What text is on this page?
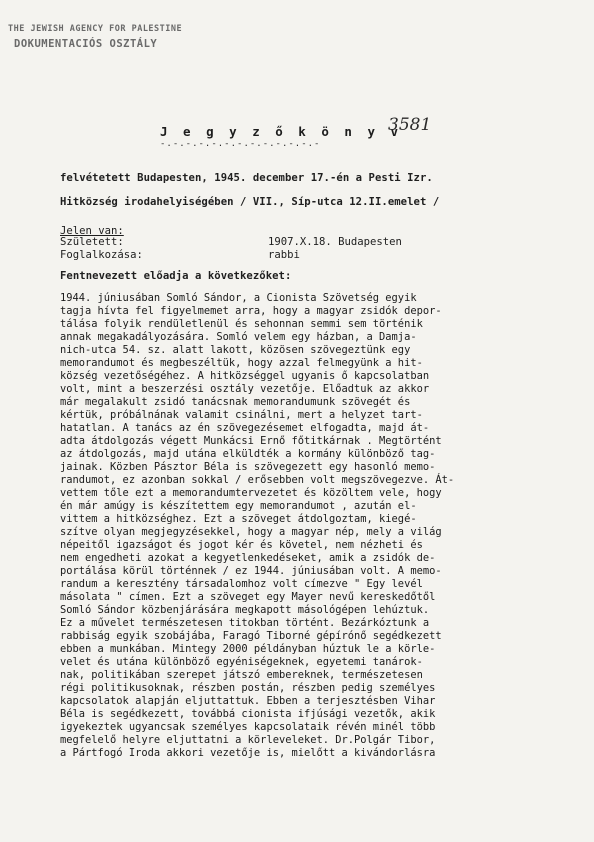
THE JEWISH AGENCY FOR PALESTINE
DOKUMENTACIÓS OSZTÁLY
J e g y z ő k ö n y v
3581
-.-.-.-.-.-.-.-.-.-.-.-.-
felvétetett Budapesten, 1945. december 17.-én a Pesti Izr.
Hitközség irodahelyiségében / VII., Síp-utca 12.II.emelet /
Jelen van:
Született:	1907.X.18. Budapesten
Foglalkozása:	rabbi
Fentnevezett előadja a következőket:
1944. júniusában Somló Sándor, a Cionista Szövetség egyik
tagja hívta fel figyelmemet arra, hogy a magyar zsidók depor-
tálása folyik rendületlenül és sehonnan semmi sem történik
annak megakadályozására. Somló velem egy házban, a Damja-
nich-utca 54. sz. alatt lakott, közösen szövegeztünk egy
memorandumot és megbeszéltük, hogy azzal felmegyünk a hit-
község vezetőségéhez. A hitközséggel ugyanis ő kapcsolatban
volt, mint a beszerzési osztály vezetője. Előadtuk az akkor
már megalakult zsidó tanácsnak memorandumunk szövegét és
kértük, próbálnának valamit csinálni, mert a helyzet tart-
hatatlan. A tanács az én szövegezésemet elfogadta, majd át-
adta átdolgozás végett Munkácsi Ernő főtitkárnak . Megtörtént
az átdolgozás, majd utána elküldték a kormány különböző tag-
jainak. Közben Pásztor Béla is szövegezett egy hasonló memo-
randumot, ez azonban sokkal / erősebben volt megszövegezve. Át-
vettem tőle ezt a memorandumtervezetet és közöltem vele, hogy
én már amúgy is készítettem egy memorandumot , azután el-
vittem a hitközséghez. Ezt a szöveget átdolgoztam, kiegé-
szítve olyan megjegyzésekkel, hogy a magyar nép, mely a világ
népeitől igazságot és jogot kér és követel, nem nézheti és
nem engedheti azokat a kegyetlenkedéseket, amik a zsidók de-
portálása körül történnek / ez 1944. júniusában volt. A memo-
randum a keresztény társadalomhoz volt címezve " Egy levél
másolata " címen. Ezt a szöveget egy Mayer nevű kereskedőtől
Somló Sándor közbenjárására megkapott másológépen lehúztuk.
Ez a művelet természetesen titokban történt. Bezárkóztunk a
rabbiság egyik szobájába, Faragó Tiborné gépírónő segédkezett
ebben a munkában. Mintegy 2000 példányban húztuk le a körle-
velet és utána különböző egyéniségeknek, egyetemi tanárok-
nak, politikában szerepet játszó embereknek, természetesen
régi politikusoknak, részben postán, részben pedig személyes
kapcsolatok alapján eljuttattuk. Ebben a terjesztésben Vihar
Béla is segédkezett, továbbá cionista ifjúsági vezetők, akik
igyekeztek ugyancsak személyes kapcsolataik révén minél több
megfelelő helyre eljuttatni a körleveleket. Dr.Polgár Tibor,
a Pártfogó Iroda akkori vezetője is, mielőtt a kivándorlásra
